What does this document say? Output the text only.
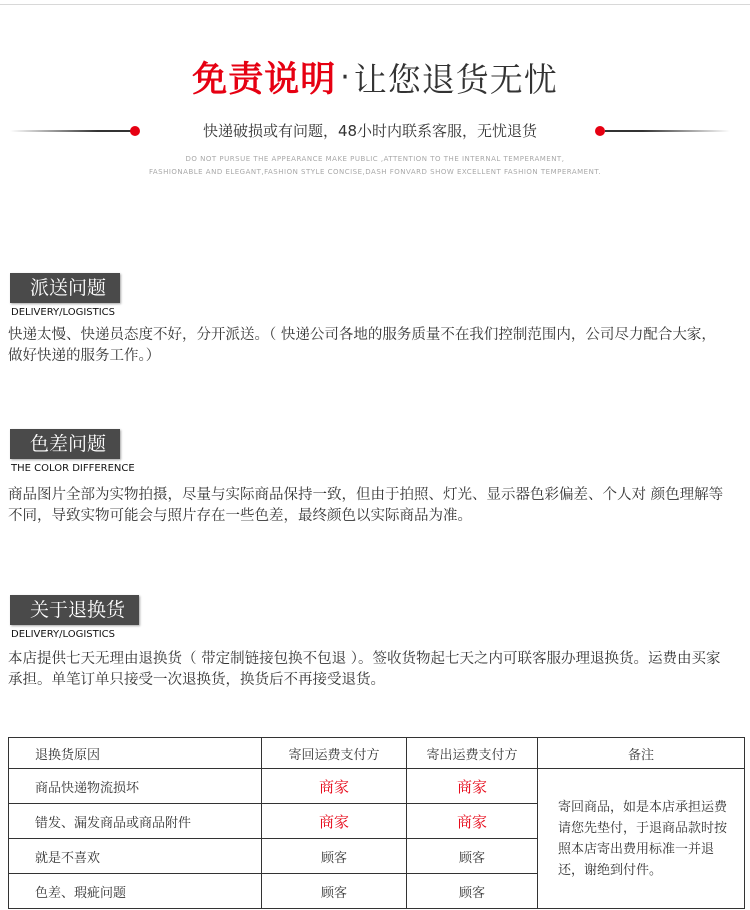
免责说明 · 让您退货无忧
快递破损或有问题，48小时内联系客服，无忧退货
DO NOT PURSUE THE APPEARANCE MAKE PUBLIC ,ATTENTION TO THE INTERNAL TEMPERAMENT,
FASHIONABLE AND ELEGANT,FASHION STYLE CONCISE,DASH FONVARD SHOW EXCELLENT FASHION TEMPERAMENT.
派送问题
DELIVERY/LOGISTICS

快递太慢、快递员态度不好，分开派送。（ 快递公司各地的服务质量不在我们控制范围内，公司尽力配合大家，做好快递的服务工作。）

色差问题
THE COLOR DIFFERENCE

商品图片全部为实物拍摄，尽量与实际商品保持一致，但由于拍照、灯光、显示器色彩偏差、个人对 颜色理解等不同，导致实物可能会与照片存在一些色差，最终颜色以实际商品为准。

关于退换货
DELIVERY/LOGISTICS

本店提供七天无理由退换货（ 带定制链接包换不包退 ）。签收货物起七天之内可联客服办理退换货。运费由买家承担。单笔订单只接受一次退换货，换货后不再接受退货。

退换货原因	寄回运费支付方	寄出运费支付方	备注
商品快递物流损坏	商家	商家	寄回商品，如是本店承担运费请您先垫付，于退商品款时按照本店寄出费用标准一并退还，谢绝到付件。
错发、漏发商品或商品附件	商家	商家	
就是不喜欢	顾客	顾客	
色差、瑕疵问题	顾客	顾客	
